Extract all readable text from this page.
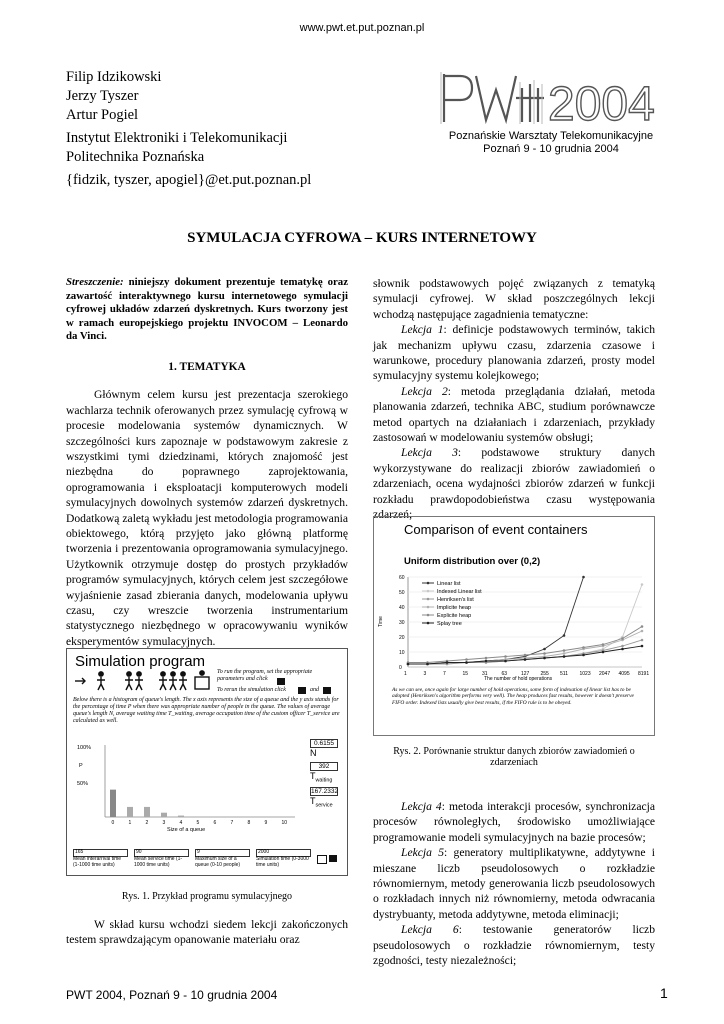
www.pwt.et.put.poznan.pl
Filip Idzikowski
Jerzy Tyszer
Artur Pogiel
Instytut Elektroniki i Telekomunikacji
Politechnika Poznańska
{fidzik, tyszer, apogiel}@et.put.poznan.pl
2004
Poznańskie Warsztaty Telekomunikacyjne
Poznań 9 - 10 grudnia 2004
SYMULACJA CYFROWA – KURS INTERNETOWY

Streszczenie: niniejszy dokument prezentuje tematykę oraz zawartość interaktywnego kursu internetowego symulacji cyfrowej układów zdarzeń dyskretnych. Kurs tworzony jest w ramach europejskiego projektu INVOCOM – Leonardo da Vinci.

1. TEMATYKA

Głównym celem kursu jest prezentacja szerokiego wachlarza technik oferowanych przez symulację cyfrową w procesie modelowania systemów dynamicznych. W szczególności kurs zapoznaje w podstawowym zakresie z wszystkimi tymi dziedzinami, których znajomość jest niezbędna do poprawnego zaprojektowania, oprogramowania i eksploatacji komputerowych modeli symulacyjnych dowolnych systemów zdarzeń dyskretnych. Dodatkową zaletą wykładu jest metodologia programowania obiektowego, którą przyjęto jako główną platformę tworzenia i prezentowania oprogramowania symulacyjnego. Użytkownik otrzymuje dostęp do prostych przykładów programów symulacyjnych, których celem jest szczegółowe wyjaśnienie zasad zbierania danych, modelowania upływu czasu, czy wreszcie tworzenia instrumentarium statystycznego niezbędnego w opracowywaniu wyników eksperymentów symulacyjnych.

Simulation program
To run the program, set the appropriate parameters and click
To rerun the simulation click	and
Below there is a histogram of queue's length. The x axis represents the size of a queue and the y axis stands for the percentage of time P when there was appropriate number of people in the queue. The values of average queue's length N, average waiting time T_waiting, average occupation time of the custom officer T_service are calculated as well.
100%
50%
P
0	1	2	3	4	5	6	7	8	9	10
Size of a queue
0.6155
N
392
$T_{waiting}$
167.2332
$T_{service}$
165
Mean interarrival time (1-1000 time units)
90
Mean service time (1-1000 time units)
9
Maximum size of a queue (0-10 people)
2000
Simulation time (0-3000 time units)
Rys. 1. Przykład programu symulacyjnego

W skład kursu wchodzi siedem lekcji zakończonych testem sprawdzającym opanowanie materiału oraz

słownik podstawowych pojęć związanych z tematyką symulacji cyfrowej. W skład poszczególnych lekcji wchodzą następujące zagadnienia tematyczne:

Lekcja 1: definicje podstawowych terminów, takich jak mechanizm upływu czasu, zdarzenia czasowe i warunkowe, procedury planowania zdarzeń, prosty model symulacyjny systemu kolejkowego;

Lekcja 2: metoda przeglądania działań, metoda planowania zdarzeń, technika ABC, studium porównawcze metod opartych na działaniach i zdarzeniach, przykłady zastosowań w modelowaniu systemów obsługi;

Lekcja 3: podstawowe struktury danych wykorzystywane do realizacji zbiorów zawiadomień o zdarzeniach, ocena wydajności zbiorów zdarzeń w funkcji rozkładu prawdopodobieństwa czasu występowania zdarzeń;

Comparison of event containers
Uniform distribution over (0,2)
Time
The number of hold operations
0
10
20
30
40
50
60
1	3	7	15	31	63	127 255 511 1023 2047 4095 8191
Linear list
Indexed Linear list
Henriksen's list
Implicite heap
Explicite heap
Splay tree
As we can see, once again for large number of hold operations, some form of indexation of linear list has to be adopted (Henriksen's algorithm performs very well). The heap produces fast results, however it doesn't preserve FIFO order. Indexed lists usually give best results, if the FIFO rule is to be obeyed.
Rys. 2. Porównanie struktur danych zbiorów zawiadomień o zdarzeniach

Lekcja 4: metoda interakcji procesów, synchronizacja procesów równoległych, środowisko umożliwiające programowanie modeli symulacyjnych na bazie procesów;

Lekcja 5: generatory multiplikatywne, addytywne i mieszane liczb pseudolosowych o rozkładzie równomiernym, metody generowania liczb pseudolosowych o rozkładach innych niż równomierny, metoda odwracania dystrybuanty, metoda addytywne, metoda eliminacji;

Lekcja 6: testowanie generatorów liczb pseudolosowych o rozkładzie równomiernym, testy zgodności, testy niezależności;

PWT 2004, Poznań 9 - 10 grudnia 2004	1
